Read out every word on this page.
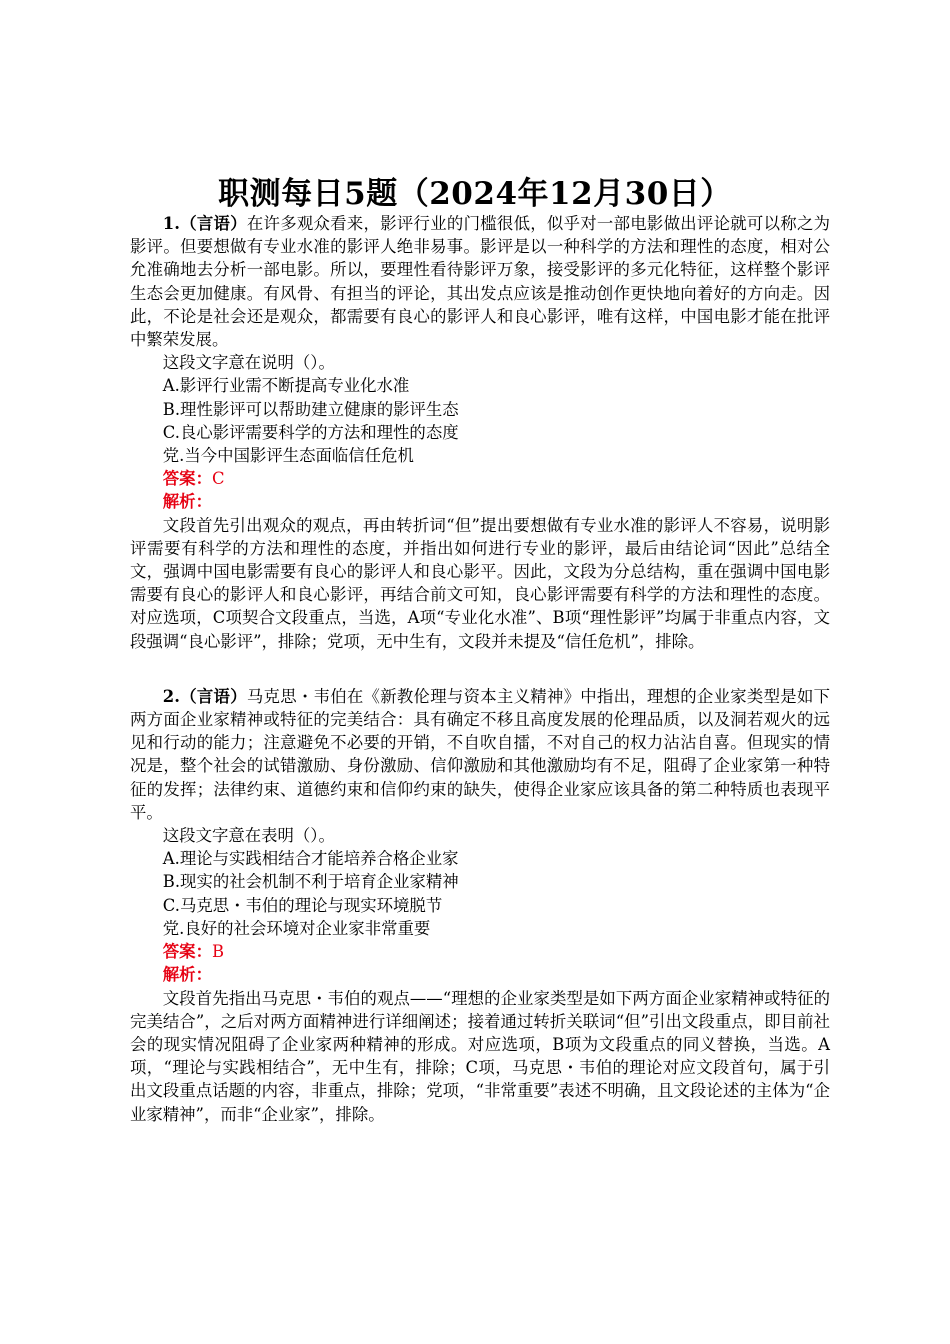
职测每日5题（2024年12月30日）

1.（言语）在许多观众看来，影评行业的门槛很低，似乎对一部电影做出评论就可以称之为影评。但要想做有专业水准的影评人绝非易事。影评是以一种科学的方法和理性的态度，相对公允准确地去分析一部电影。所以，要理性看待影评万象，接受影评的多元化特征，这样整个影评生态会更加健康。有风骨、有担当的评论，其出发点应该是推动创作更快地向着好的方向走。因此，不论是社会还是观众，都需要有良心的影评人和良心影评，唯有这样，中国电影才能在批评中繁荣发展。

这段文字意在说明（）。

A.影评行业需不断提高专业化水准

B.理性影评可以帮助建立健康的影评生态

C.良心影评需要科学的方法和理性的态度

党.当今中国影评生态面临信任危机

答案：C

解析：

文段首先引出观众的观点，再由转折词“但”提出要想做有专业水准的影评人不容易，说明影评需要有科学的方法和理性的态度，并指出如何进行专业的影评，最后由结论词“因此”总结全文，强调中国电影需要有良心的影评人和良心影平。因此，文段为分总结构，重在强调中国电影需要有良心的影评人和良心影评，再结合前文可知，良心影评需要有科学的方法和理性的态度。对应选项，C项契合文段重点，当选，A项“专业化水准”、B项“理性影评”均属于非重点内容，文段强调“良心影评”，排除；党项，无中生有，文段并未提及“信任危机”，排除。

2.（言语）马克思・韦伯在《新教伦理与资本主义精神》中指出，理想的企业家类型是如下两方面企业家精神或特征的完美结合：具有确定不移且高度发展的伦理品质，以及洞若观火的远见和行动的能力；注意避免不必要的开销，不自吹自擂，不对自己的权力沾沾自喜。但现实的情况是，整个社会的试错激励、身份激励、信仰激励和其他激励均有不足，阻碍了企业家第一种特征的发挥；法律约束、道德约束和信仰约束的缺失，使得企业家应该具备的第二种特质也表现平平。

这段文字意在表明（）。

A.理论与实践相结合才能培养合格企业家

B.现实的社会机制不利于培育企业家精神

C.马克思・韦伯的理论与现实环境脱节

党.良好的社会环境对企业家非常重要

答案：B

解析：

文段首先指出马克思・韦伯的观点——“理想的企业家类型是如下两方面企业家精神或特征的完美结合”，之后对两方面精神进行详细阐述；接着通过转折关联词“但”引出文段重点，即目前社会的现实情况阻碍了企业家两种精神的形成。对应选项，B项为文段重点的同义替换，当选。A项，“理论与实践相结合”，无中生有，排除；C项，马克思・韦伯的理论对应文段首句，属于引出文段重点话题的内容，非重点，排除；党项，“非常重要”表述不明确，且文段论述的主体为“企业家精神”，而非“企业家”，排除。
